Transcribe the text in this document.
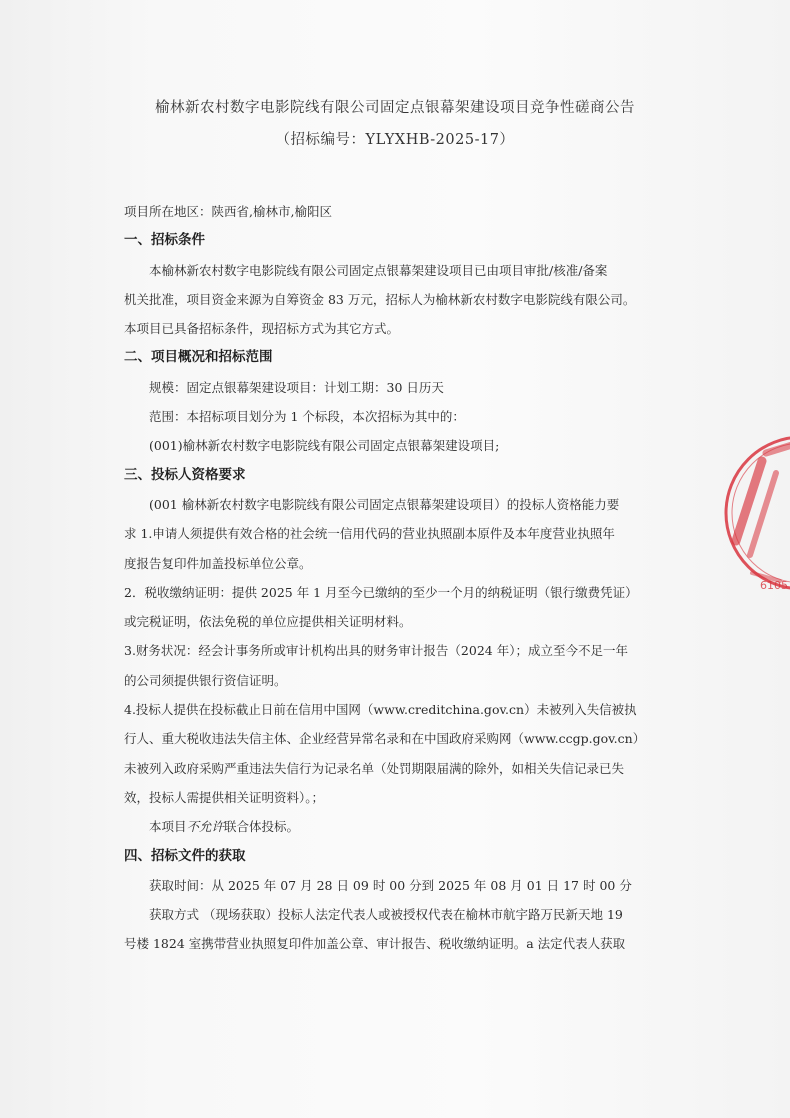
榆林新农村数字电影院线有限公司固定点银幕架建设项目竞争性磋商公告
（招标编号：YLYXHB-2025-17）
项目所在地区：陕西省,榆林市,榆阳区
一、招标条件
本榆林新农村数字电影院线有限公司固定点银幕架建设项目已由项目审批/核准/备案
机关批准，项目资金来源为自筹资金 83 万元，招标人为榆林新农村数字电影院线有限公司。
本项目已具备招标条件，现招标方式为其它方式。
二、项目概况和招标范围
规模：固定点银幕架建设项目：计划工期：30 日历天
范围：本招标项目划分为 1 个标段，本次招标为其中的：
(001)榆林新农村数字电影院线有限公司固定点银幕架建设项目;
三、投标人资格要求
(001 榆林新农村数字电影院线有限公司固定点银幕架建设项目）的投标人资格能力要
求 1.申请人须提供有效合格的社会统一信用代码的营业执照副本原件及本年度营业执照年
度报告复印件加盖投标单位公章。
2．税收缴纳证明：提供 2025 年 1 月至今已缴纳的至少一个月的纳税证明（银行缴费凭证）
或完税证明，依法免税的单位应提供相关证明材料。
3.财务状况：经会计事务所或审计机构出具的财务审计报告（2024 年）；成立至今不足一年
的公司须提供银行资信证明。
4.投标人提供在投标截止日前在信用中国网（www.creditchina.gov.cn）未被列入失信被执
行人、重大税收违法失信主体、企业经营异常名录和在中国政府采购网（www.ccgp.gov.cn）
未被列入政府采购严重违法失信行为记录名单（处罚期限届满的除外，如相关失信记录已失
效，投标人需提供相关证明资料）。；
本项目不允许联合体投标。
四、招标文件的获取
获取时间：从 2025 年 07 月 28 日 09 时 00 分到 2025 年 08 月 01 日 17 时 00 分
获取方式 （现场获取）投标人法定代表人或被授权代表在榆林市航宇路万民新天地 19
号楼 1824 室携带营业执照复印件加盖公章、审计报告、税收缴纳证明。a 法定代表人获取
6105
